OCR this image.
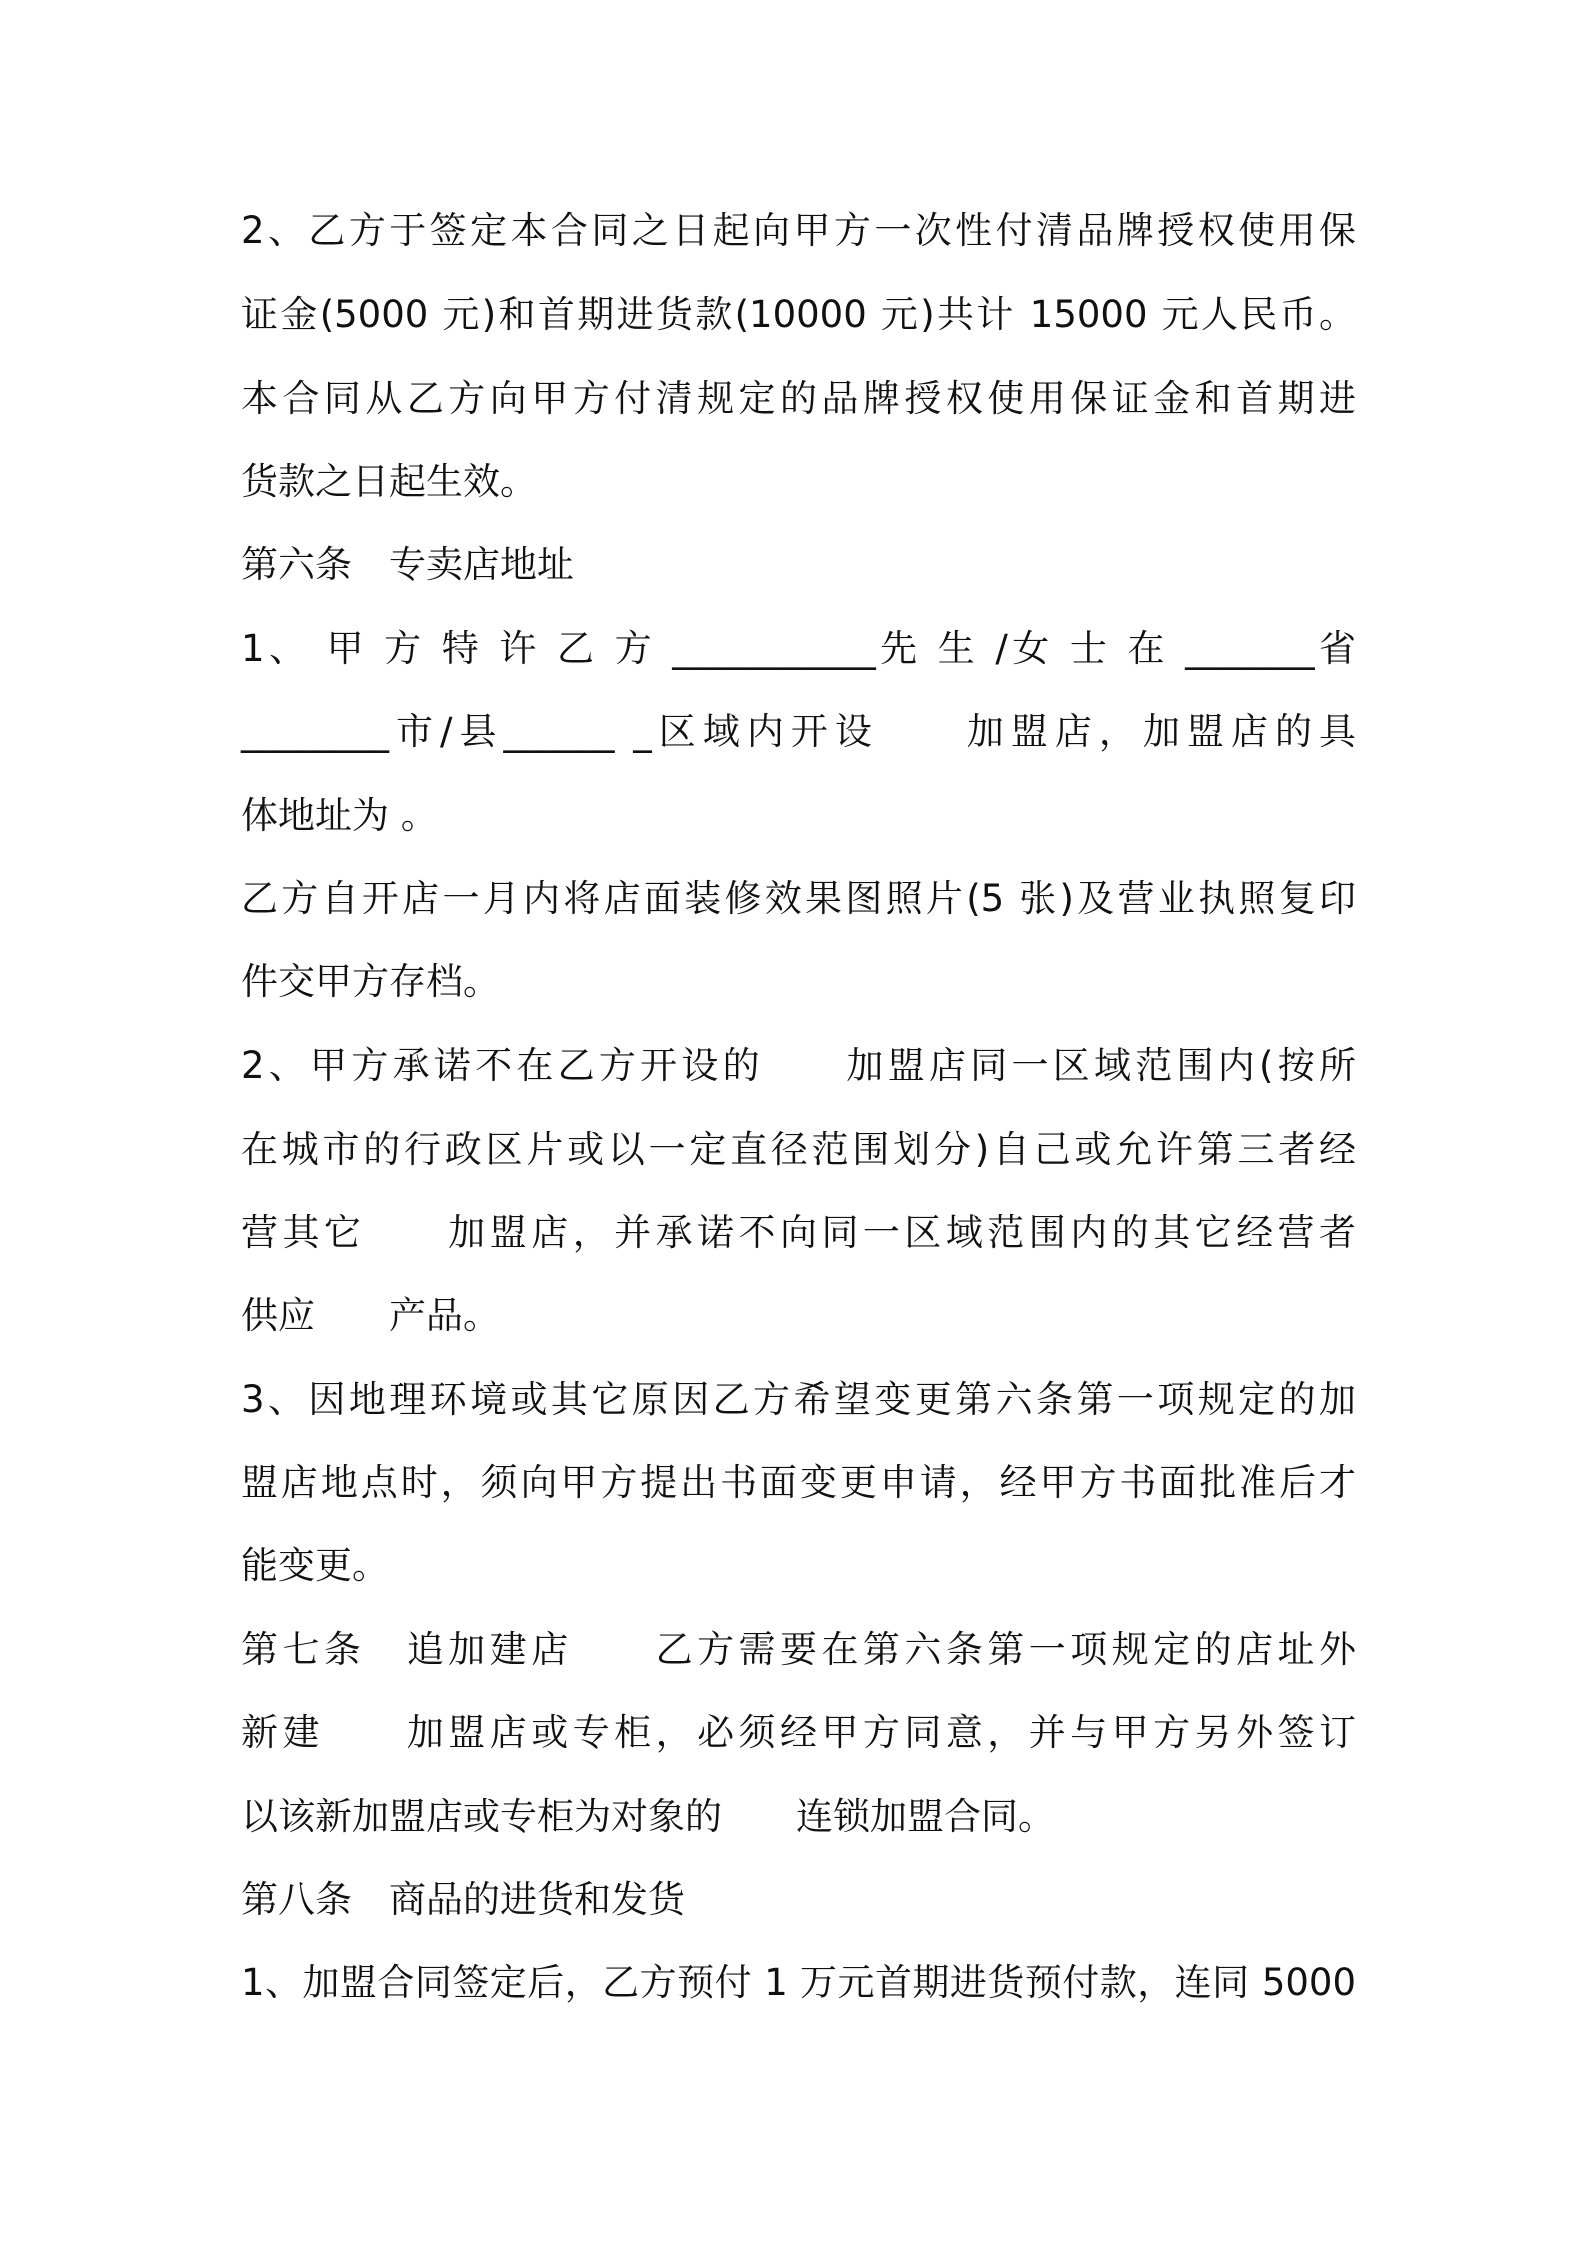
2、乙方于签定本合同之日起向甲方一次性付清品牌授权使用保
证金(5000 元)和首期进货款(10000 元)共计 15000 元人民币。
本合同从乙方向甲方付清规定的品牌授权使用保证金和首期进
货款之日起生效。
第六条　专卖店地址
1、 甲 方 特 许 乙 方 ___________先 生 /女 士 在 _______省
________市/县______ _区域内开设　　加盟店，加盟店的具
体地址为 。
乙方自开店一月内将店面装修效果图照片(5 张)及营业执照复印
件交甲方存档。
2、甲方承诺不在乙方开设的　　加盟店同一区域范围内(按所
在城市的行政区片或以一定直径范围划分)自己或允许第三者经
营其它　　加盟店，并承诺不向同一区域范围内的其它经营者
供应　　产品。
3、因地理环境或其它原因乙方希望变更第六条第一项规定的加
盟店地点时，须向甲方提出书面变更申请，经甲方书面批准后才
能变更。
第七条　追加建店　　乙方需要在第六条第一项规定的店址外
新建　　加盟店或专柜，必须经甲方同意，并与甲方另外签订
以该新加盟店或专柜为对象的　　连锁加盟合同。
第八条　商品的进货和发货
1、加盟合同签定后，乙方预付 1 万元首期进货预付款，连同 5000
